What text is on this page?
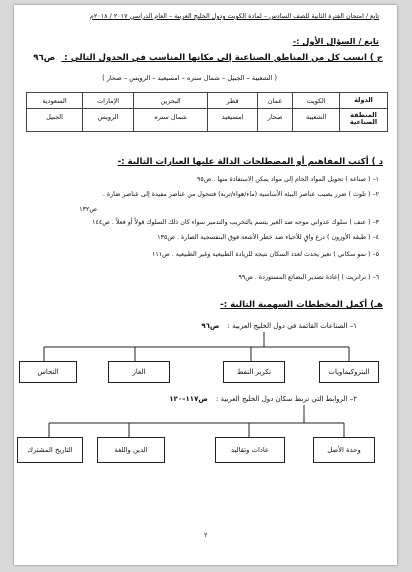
تابع / امتحان الفترة الثانية للصف السادس – لمادة الكويت ودول الخليج العربية – العام الدراسي ٢٠١٧ / ٢٠١٨م
تابع / السؤال الأول :-
ج ) انسب كل من المناطق الصناعية إلى مكانها المناسب في الجدول التالي : ص٩٦
( الشعيبة – الجبيل – شمال ستره – امسيعيد – الرويس – صحار )
الدولة	الكويت	عمان	قطر	البحرين	الإمارات	السعودية
المنطقة الصناعية	الشعيبة	صحار	امسيعيد	شمال ستره	الرويس	الجبيل
د ) أكتب المفاهيم أو المصطلحات الدالة عليها العبارات التالية :-
١– ( صناعة ) تحويل المواد الخام إلى مواد يمكن الاستفادة منها . ص٩٥
٢– ( تلوث ) ضرر يصيب عناصر البيئة الأساسية (ماء/هواء/تربة) فتتحول من عناصر مفيدة إلى عناصر ضارة .
ص١٣٢
٣– ( عنف ) سلوك عدواني موجه ضد الغير يتسم بالتخريب والتدمير سواء كان ذلك السلوك قولاً أو فعلاً . ص١٤٤
٤– ( طبقة الأوزون ) درع واقٍ للأحياء ضد خطر الأشعة فوق البنفسجية الضارة . ص١٣٥
٥– ( نمو سكاني ) تغير يحدث لعدد السكان نتيجة للزيادة الطبيعية وغير الطبيعية . ص١١١
٦– ( ترانزيت ) إعادة تصدير البضائع المستوردة . ص٩٩
هـ) أكمل المخططات السهمية التالية :-
١– الصناعات القائمة في دول الخليج العربية : ص٩٦
البتروكيماويات
تكرير النفط
الغاز
النحاس
٢– الروابط التي تربط سكان دول الخليج العربية : ص١١٧–١٢٠
وحدة الأصل
عادات وتقاليد
الدين واللغة
التاريخ المشترك
٢
